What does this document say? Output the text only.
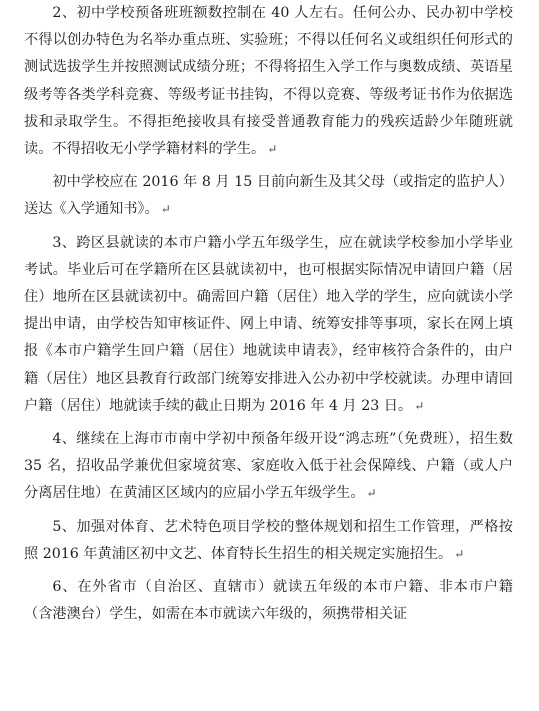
2、初中学校预备班班额数控制在 40 人左右。任何公办、民办初中学校不得以创办特色为名举办重点班、实验班；不得以任何名义或组织任何形式的测试选拔学生并按照测试成绩分班；不得将招生入学工作与奥数成绩、英语星级考等各类学科竞赛、等级考证书挂钩，不得以竞赛、等级考证书作为依据选拔和录取学生。不得拒绝接收具有接受普通教育能力的残疾适龄少年随班就读。不得招收无小学学籍材料的学生。 ↵

初中学校应在 2016 年 8 月 15 日前向新生及其父母（或指定的监护人）送达《入学通知书》。 ↵

3、跨区县就读的本市户籍小学五年级学生，应在就读学校参加小学毕业考试。毕业后可在学籍所在区县就读初中，也可根据实际情况申请回户籍（居住）地所在区县就读初中。确需回户籍（居住）地入学的学生，应向就读小学提出申请，由学校告知审核证件、网上申请、统筹安排等事项，家长在网上填报《本市户籍学生回户籍（居住）地就读申请表》，经审核符合条件的，由户籍（居住）地区县教育行政部门统筹安排进入公办初中学校就读。办理申请回户籍（居住）地就读手续的截止日期为 2016 年 4 月 23 日。 ↵

4、继续在上海市市南中学初中预备年级开设“鸿志班”（免费班），招生数 35 名，招收品学兼优但家境贫寒、家庭收入低于社会保障线、户籍（或人户分离居住地）在黄浦区区域内的应届小学五年级学生。 ↵

5、加强对体育、艺术特色项目学校的整体规划和招生工作管理，严格按照 2016 年黄浦区初中文艺、体育特长生招生的相关规定实施招生。 ↵

6、在外省市（自治区、直辖市）就读五年级的本市户籍、非本市户籍（含港澳台）学生，如需在本市就读六年级的，须携带相关证
